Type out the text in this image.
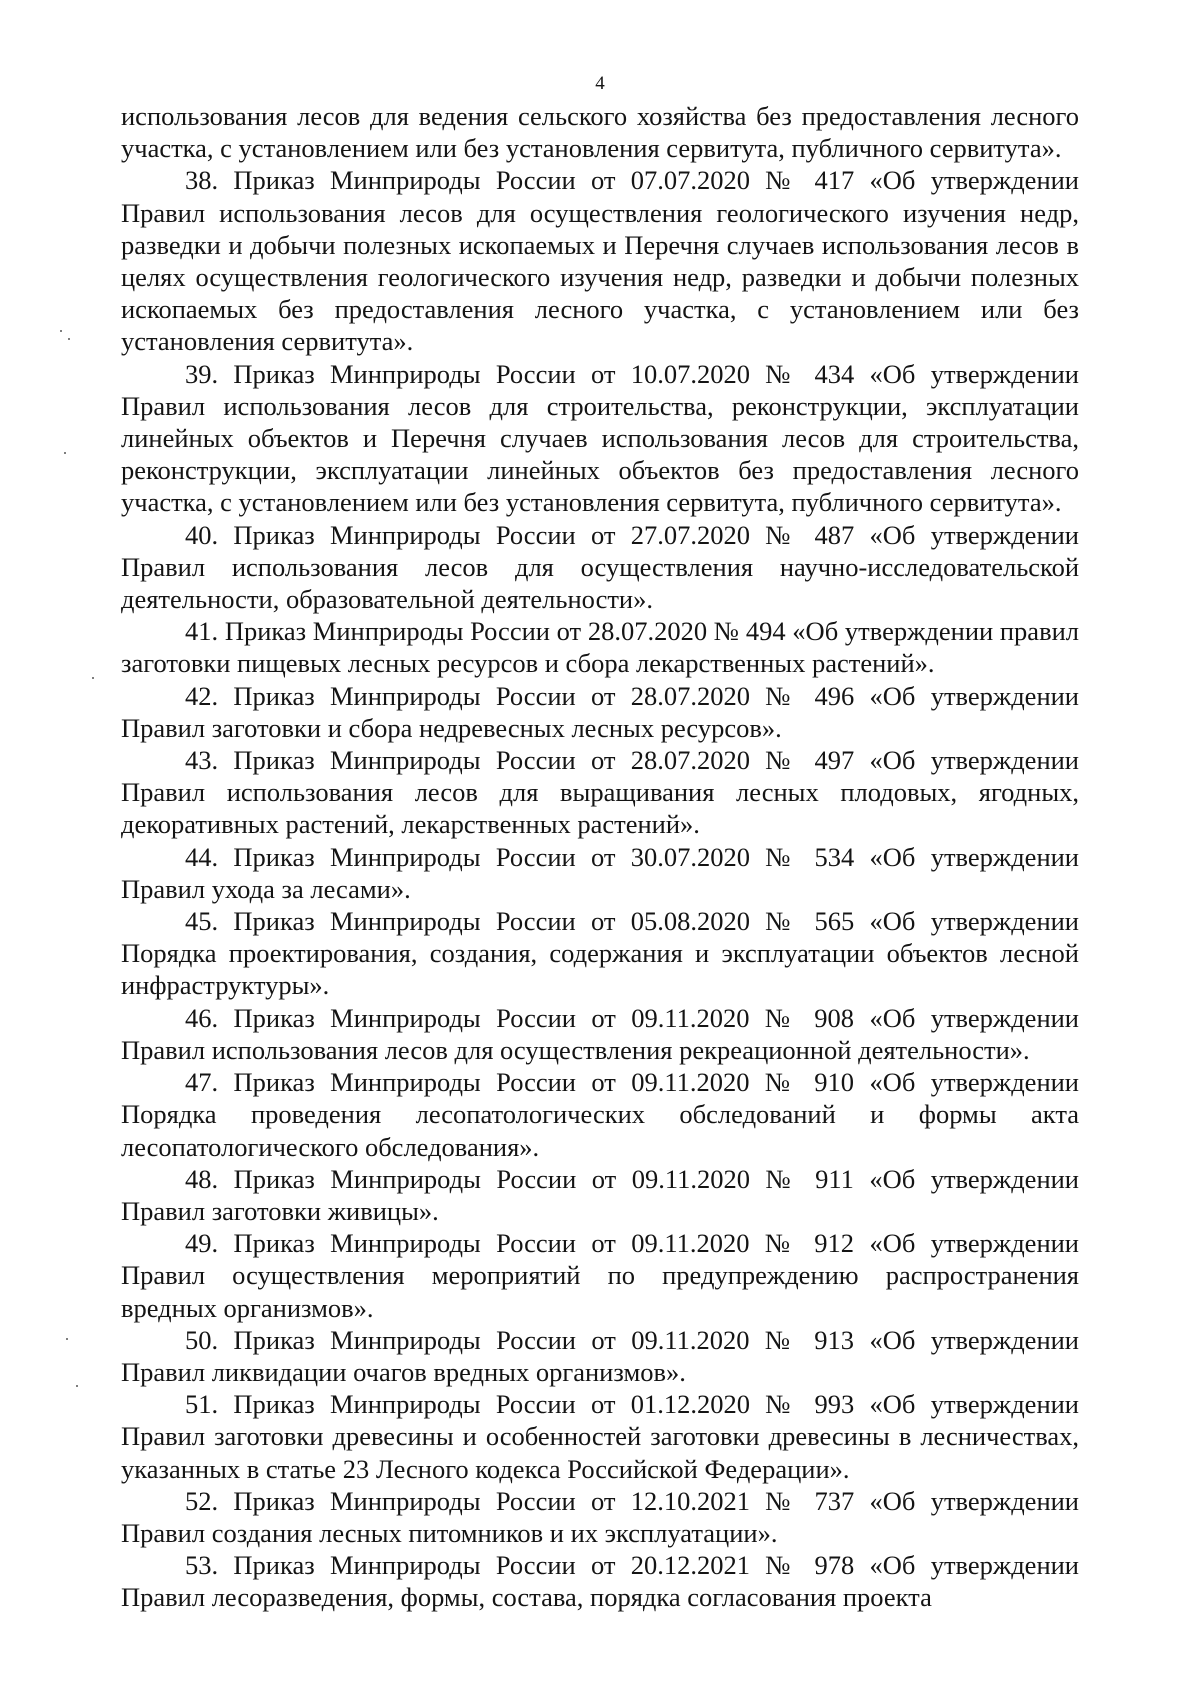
4

использования лесов для ведения сельского хозяйства без предоставления лесного участка, с установлением или без установления сервитута, публичного сервитута».

38. Приказ Минприроды России от 07.07.2020 № 417 «Об утверждении Правил использования лесов для осуществления геологического изучения недр, разведки и добычи полезных ископаемых и Перечня случаев использования лесов в целях осуществления геологического изучения недр, разведки и добычи полезных ископаемых без предоставления лесного участка, с установлением или без установления сервитута».

39. Приказ Минприроды России от 10.07.2020 № 434 «Об утверждении Правил использования лесов для строительства, реконструкции, эксплуатации линейных объектов и Перечня случаев использования лесов для строительства, реконструкции, эксплуатации линейных объектов без предоставления лесного участка, с установлением или без установления сервитута, публичного сервитута».

40. Приказ Минприроды России от 27.07.2020 № 487 «Об утверждении Правил использования лесов для осуществления научно-исследовательской деятельности, образовательной деятельности».

41. Приказ Минприроды России от 28.07.2020 № 494 «Об утверждении правил заготовки пищевых лесных ресурсов и сбора лекарственных растений».

42. Приказ Минприроды России от 28.07.2020 № 496 «Об утверждении Правил заготовки и сбора недревесных лесных ресурсов».

43. Приказ Минприроды России от 28.07.2020 № 497 «Об утверждении Правил использования лесов для выращивания лесных плодовых, ягодных, декоративных растений, лекарственных растений».

44. Приказ Минприроды России от 30.07.2020 № 534 «Об утверждении Правил ухода за лесами».

45. Приказ Минприроды России от 05.08.2020 № 565 «Об утверждении Порядка проектирования, создания, содержания и эксплуатации объектов лесной инфраструктуры».

46. Приказ Минприроды России от 09.11.2020 № 908 «Об утверждении Правил использования лесов для осуществления рекреационной деятельности».

47. Приказ Минприроды России от 09.11.2020 № 910 «Об утверждении Порядка проведения лесопатологических обследований и формы акта лесопатологического обследования».

48. Приказ Минприроды России от 09.11.2020 № 911 «Об утверждении Правил заготовки живицы».

49. Приказ Минприроды России от 09.11.2020 № 912 «Об утверждении Правил осуществления мероприятий по предупреждению распространения вредных организмов».

50. Приказ Минприроды России от 09.11.2020 № 913 «Об утверждении Правил ликвидации очагов вредных организмов».

51. Приказ Минприроды России от 01.12.2020 № 993 «Об утверждении Правил заготовки древесины и особенностей заготовки древесины в лесничествах, указанных в статье 23 Лесного кодекса Российской Федерации».

52. Приказ Минприроды России от 12.10.2021 № 737 «Об утверждении Правил создания лесных питомников и их эксплуатации».

53. Приказ Минприроды России от 20.12.2021 № 978 «Об утверждении Правил лесоразведения, формы, состава, порядка согласования проекта
